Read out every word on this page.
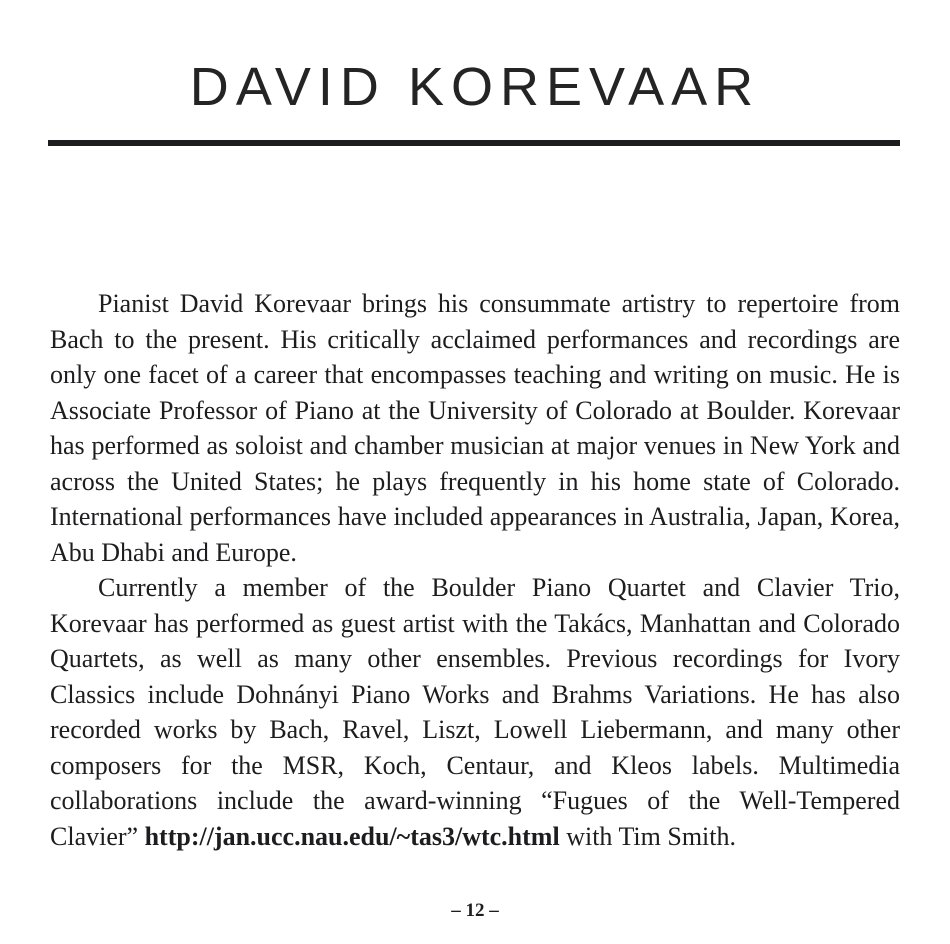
DAVID KOREVAAR

Pianist David Korevaar brings his consummate artistry to repertoire from Bach to the present. His critically acclaimed performances and recordings are only one facet of a career that encompasses teaching and writing on music. He is Associate Professor of Piano at the University of Colorado at Boulder. Korevaar has performed as soloist and chamber musician at major venues in New York and across the United States; he plays frequently in his home state of Colorado. International performances have included appearances in Australia, Japan, Korea, Abu Dhabi and Europe.

Currently a member of the Boulder Piano Quartet and Clavier Trio, Korevaar has performed as guest artist with the Takács, Manhattan and Colorado Quartets, as well as many other ensembles. Previous recordings for Ivory Classics include Dohnányi Piano Works and Brahms Variations. He has also recorded works by Bach, Ravel, Liszt, Lowell Liebermann, and many other composers for the MSR, Koch, Centaur, and Kleos labels. Multimedia collaborations include the award-winning “Fugues of the Well-Tempered Clavier” http://jan.ucc.nau.edu/~tas3/wtc.html with Tim Smith.

– 12 –
